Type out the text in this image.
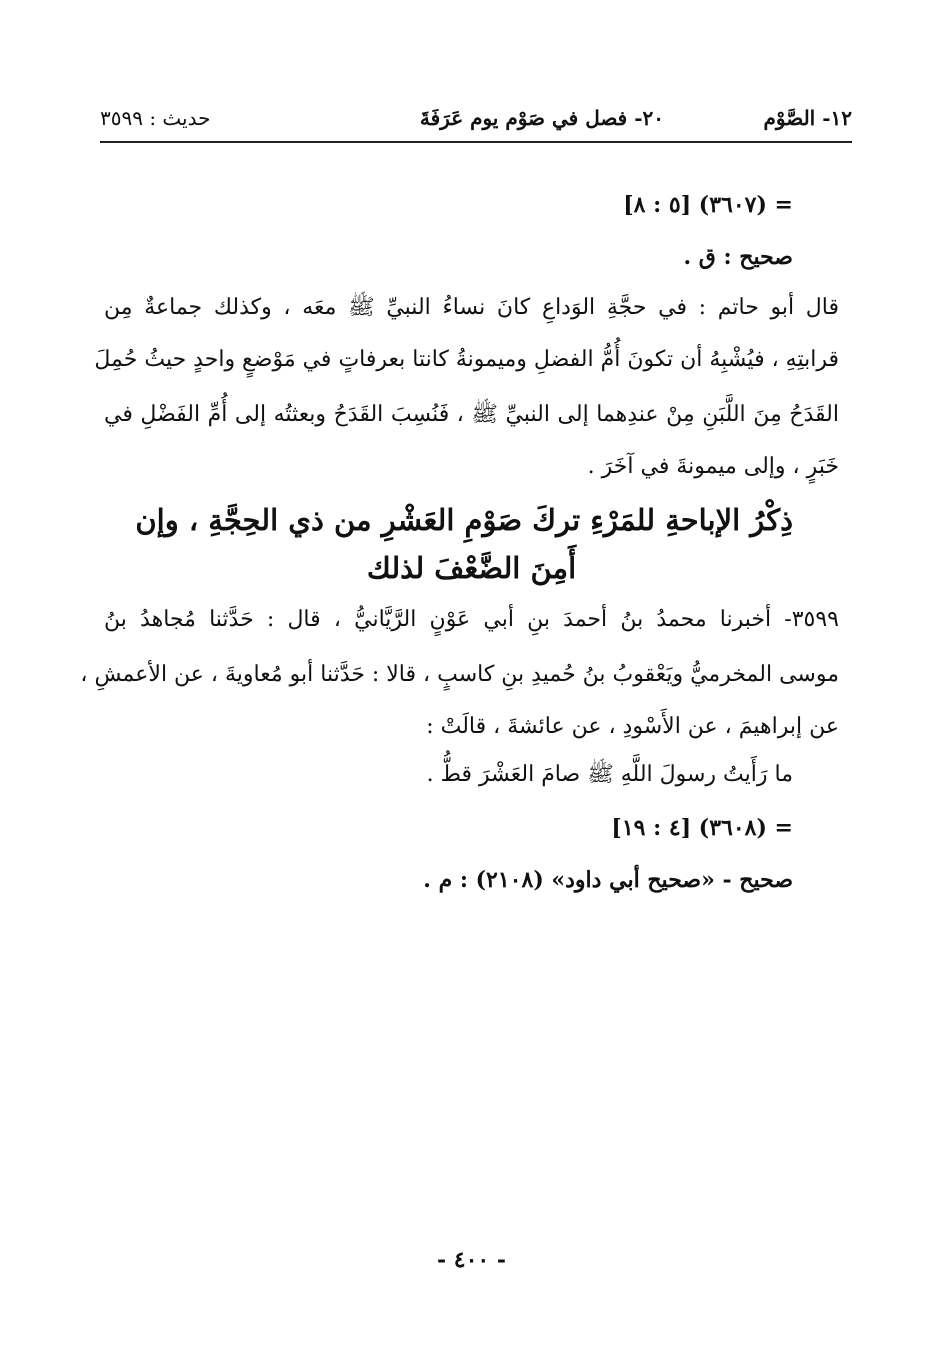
١٢- الصَّوْم
٢٠- فصل في صَوْم يوم عَرَفَةَ
حديث : ٣٥٩٩
= (٣٦٠٧) [٥ : ٨]
صحيح : ق .
قال أبو حاتم : في حجَّةِ الوَداعِ كانَ نساءُ النبيِّ ﷺ معَه ، وكذلك جماعةٌ مِن
قرابتِهِ ، فيُشْبِهُ أن تكونَ أُمُّ الفضلِ وميمونةُ كانتا بعرفاتٍ في مَوْضعٍ واحدٍ حيثُ حُمِلَ
القَدَحُ مِنَ اللَّبَنِ مِنْ عندِهما إلى النبيِّ ﷺ ، فَنُسِبَ القَدَحُ وبعثتُه إلى أُمِّ الفَضْلِ في
خَبَرٍ ، وإلى ميمونةَ في آخَرَ .
ذِكْرُ الإباحةِ للمَرْءِ تركَ صَوْمِ العَشْرِ من ذي الحِجَّةِ ، وإن
أَمِنَ الضَّعْفَ لذلك
٣٥٩٩- أخبرنا محمدُ بنُ أحمدَ بنِ أبي عَوْنٍ الرَّيَّانيُّ ، قال : حَدَّثنا مُجاهدُ بنُ
موسى المخرميُّ ويَعْقوبُ بنُ حُميدِ بنِ كاسبٍ ، قالا : حَدَّثنا أبو مُعاويةَ ، عن الأعمشِ ،
عن إبراهيمَ ، عن الأَسْودِ ، عن عائشةَ ، قالَتْ :
ما رَأَيتُ رسولَ اللَّهِ ﷺ صامَ العَشْرَ قطُّ .
= (٣٦٠٨) [٤ : ١٩]
صحيح - «صحيح أبي داود» (٢١٠٨) : م .
- ٤٠٠ -
